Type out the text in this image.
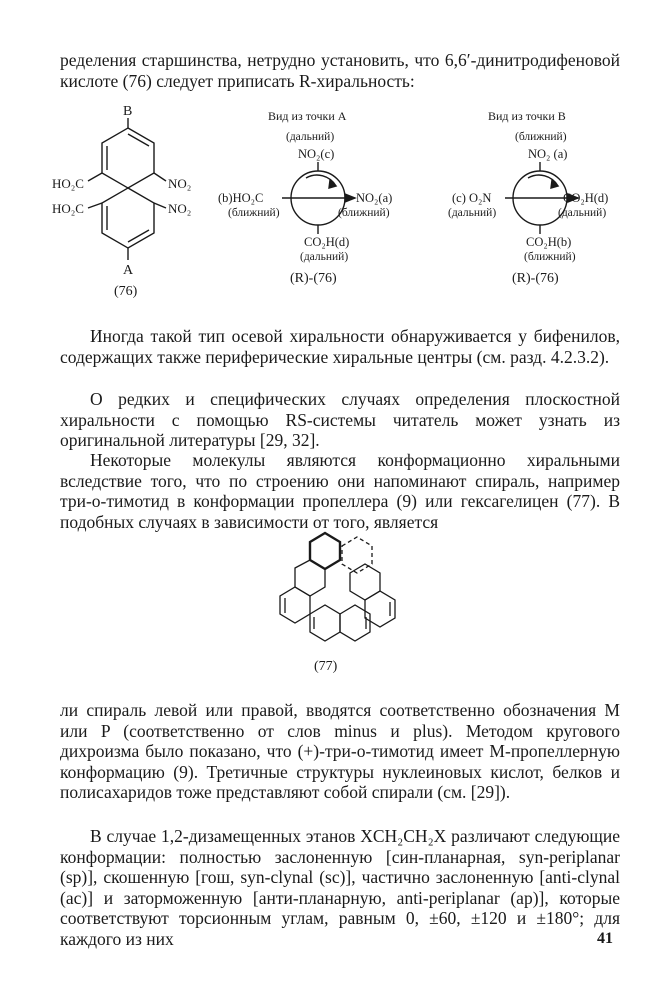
ределения старшинства, нетрудно установить, что 6,6′-динитродифеновой кислоте (76) следует приписать R-хиральность:

B
A
HO₂C
HO₂C
NO₂
NO₂
(76)
Вид из точки A
(дальний)
NO₂(c)
(b)HO₂C
(ближний)
NO₂(a)
(ближний)
CO₂H(d)
(дальний)
(R)-(76)
Вид из точки B
(ближний)
NO₂ (a)
(c) O₂N
(дальний)
CO₂H(d)
(дальний)
CO₂H(b)
(ближний)
(R)-(76)

Иногда такой тип осевой хиральности обнаруживается у бифенилов, содержащих также периферические хиральные центры (см. разд. 4.2.3.2).

О редких и специфических случаях определения плоскостной хиральности с помощью RS-системы читатель может узнать из оригинальной литературы [29, 32].

Некоторые молекулы являются конформационно хиральными вследствие того, что по строению они напоминают спираль, например три-о-тимотид в конформации пропеллера (9) или гексагелицен (77). В подобных случаях в зависимости от того, является

(77)

ли спираль левой или правой, вводятся соответственно обозначения M или P (соответственно от слов minus и plus). Методом кругового дихроизма было показано, что (+)-три-о-тимотид имеет M-пропеллерную конформацию (9). Третичные структуры нуклеиновых кислот, белков и полисахаридов тоже представляют собой спирали (см. [29]).

В случае 1,2-дизамещенных этанов XCH₂CH₂X различают следующие конформации: полностью заслоненную [син-планарная, syn-periplanar (sp)], скошенную [гош, syn-clynal (sc)], частично заслоненную [anti-clynal (ac)] и заторможенную [анти-планарную, anti-periplanar (ap)], которые соответствуют торсионным углам, равным 0, ±60, ±120 и ±180°; для каждого из них	41
